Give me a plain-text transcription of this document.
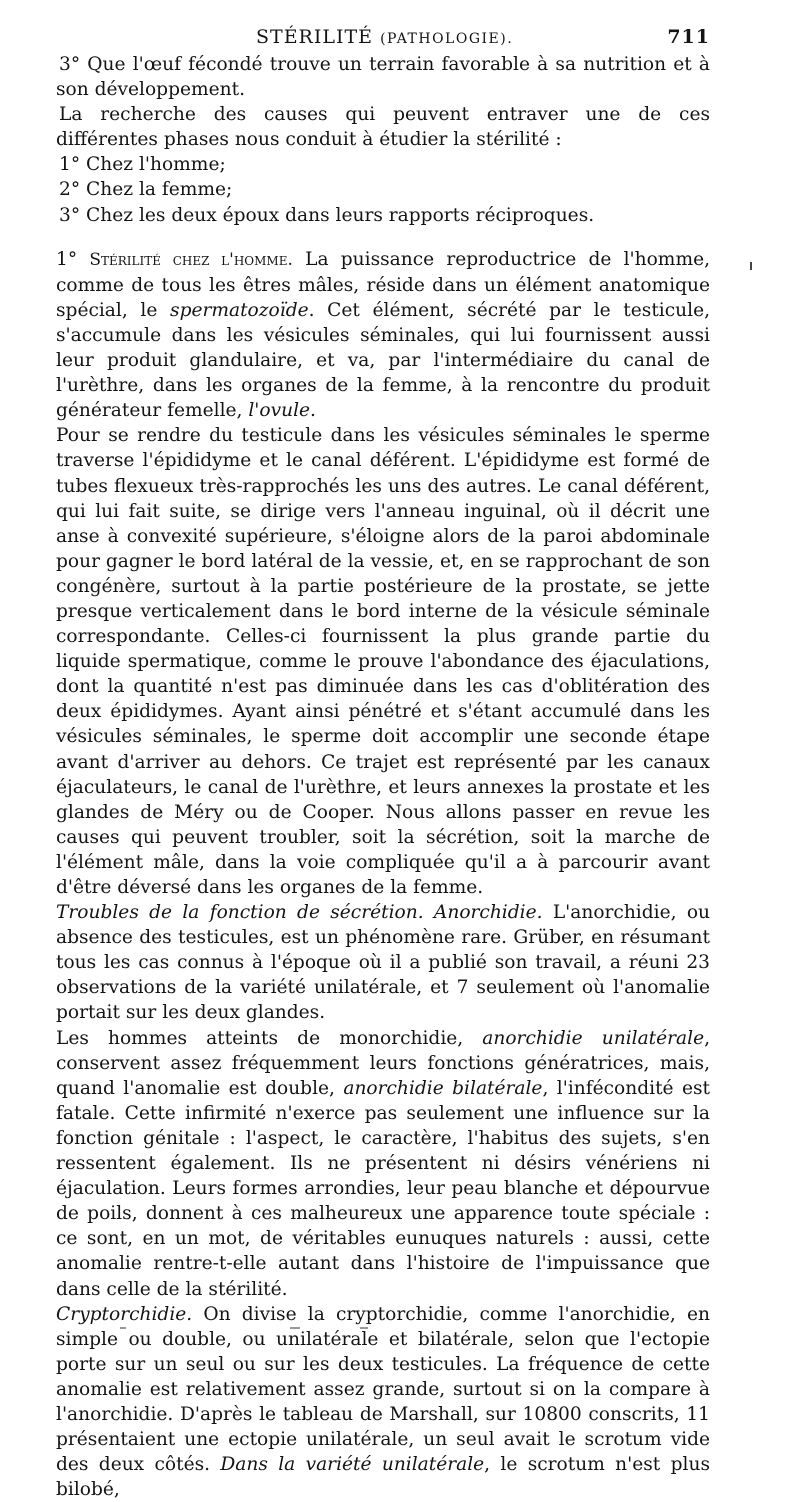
STÉRILITÉ (PATHOLOGIE).	711

3° Que l'œuf fécondé trouve un terrain favorable à sa nutrition et à son développement.

La recherche des causes qui peuvent entraver une de ces différentes phases nous conduit à étudier la stérilité :

1° Chez l'homme;

2° Chez la femme;

3° Chez les deux époux dans leurs rapports réciproques.

1° Stérilité chez l'homme. La puissance reproductrice de l'homme, comme de tous les êtres mâles, réside dans un élément anatomique spécial, le spermatozoïde. Cet élément, sécrété par le testicule, s'accumule dans les vésicules séminales, qui lui fournissent aussi leur produit glandulaire, et va, par l'intermédiaire du canal de l'urèthre, dans les organes de la femme, à la rencontre du produit générateur femelle, l'ovule.

Pour se rendre du testicule dans les vésicules séminales le sperme traverse l'épididyme et le canal déférent. L'épididyme est formé de tubes flexueux très-rapprochés les uns des autres. Le canal déférent, qui lui fait suite, se dirige vers l'anneau inguinal, où il décrit une anse à convexité supérieure, s'éloigne alors de la paroi abdominale pour gagner le bord latéral de la vessie, et, en se rapprochant de son congénère, surtout à la partie postérieure de la prostate, se jette presque verticalement dans le bord interne de la vésicule séminale correspondante. Celles-ci fournissent la plus grande partie du liquide spermatique, comme le prouve l'abondance des éjaculations, dont la quantité n'est pas diminuée dans les cas d'oblitération des deux épididymes. Ayant ainsi pénétré et s'étant accumulé dans les vésicules séminales, le sperme doit accomplir une seconde étape avant d'arriver au dehors. Ce trajet est représenté par les canaux éjaculateurs, le canal de l'urèthre, et leurs annexes la prostate et les glandes de Méry ou de Cooper. Nous allons passer en revue les causes qui peuvent troubler, soit la sécrétion, soit la marche de l'élément mâle, dans la voie compliquée qu'il a à parcourir avant d'être déversé dans les organes de la femme.

Troubles de la fonction de sécrétion. Anorchidie. L'anorchidie, ou absence des testicules, est un phénomène rare. Grüber, en résumant tous les cas connus à l'époque où il a publié son travail, a réuni 23 observations de la variété unilatérale, et 7 seulement où l'anomalie portait sur les deux glandes.

Les hommes atteints de monorchidie, anorchidie unilatérale, conservent assez fréquemment leurs fonctions génératrices, mais, quand l'anomalie est double, anorchidie bilatérale, l'infécondité est fatale. Cette infirmité n'exerce pas seulement une influence sur la fonction génitale : l'aspect, le caractère, l'habitus des sujets, s'en ressentent également. Ils ne présentent ni désirs vénériens ni éjaculation. Leurs formes arrondies, leur peau blanche et dépourvue de poils, donnent à ces malheureux une apparence toute spéciale : ce sont, en un mot, de véritables eunuques naturels : aussi, cette anomalie rentre-t-elle autant dans l'histoire de l'impuissance que dans celle de la stérilité.

Cryptorchidie. On divise la cryptorchidie, comme l'anorchidie, en simple ou double, ou unilatérale et bilatérale, selon que l'ectopie porte sur un seul ou sur les deux testicules. La fréquence de cette anomalie est relativement assez grande, surtout si on la compare à l'anorchidie. D'après le tableau de Marshall, sur 10800 conscrits, 11 présentaient une ectopie unilatérale, un seul avait le scrotum vide des deux côtés. Dans la variété unilatérale, le scrotum n'est plus bilobé,
